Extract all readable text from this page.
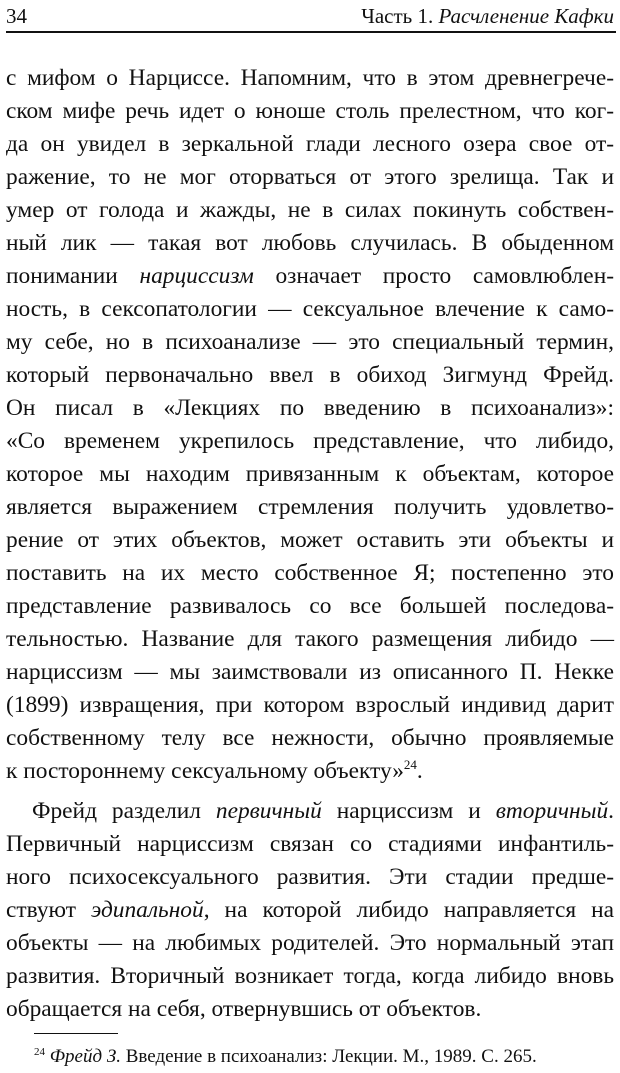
34	Часть 1. Расчленение Кафки
с мифом о Нарциссе. Напомним, что в этом древнегрече-
ском мифе речь идет о юноше столь прелестном, что ког-
да он увидел в зеркальной глади лесного озера свое от-
ражение, то не мог оторваться от этого зрелища. Так и
умер от голода и жажды, не в силах покинуть собствен-
ный лик — такая вот любовь случилась. В обыденном
понимании нарциссизм означает просто самовлюблен-
ность, в сексопатологии — сексуальное влечение к само-
му себе, но в психоанализе — это специальный термин,
который первоначально ввел в обиход Зигмунд Фрейд.
Он писал в «Лекциях по введению в психоанализ»:
«Со временем укрепилось представление, что либидо,
которое мы находим привязанным к объектам, которое
является выражением стремления получить удовлетво-
рение от этих объектов, может оставить эти объекты и
поставить на их место собственное Я; постепенно это
представление развивалось со все большей последова-
тельностью. Название для такого размещения либидо —
нарциссизм — мы заимствовали из описанного П. Некке
(1899) извращения, при котором взрослый индивид дарит
собственному телу все нежности, обычно проявляемые
к постороннему сексуальному объекту»$^{24}$.
Фрейд разделил первичный нарциссизм и вторичный.
Первичный нарциссизм связан со стадиями инфантиль-
ного психосексуального развития. Эти стадии предше-
ствуют эдипальной, на которой либидо направляется на
объекты — на любимых родителей. Это нормальный этап
развития. Вторичный возникает тогда, когда либидо вновь
обращается на себя, отвернувшись от объектов.
$^{24}$ Фрейд З. Введение в психоанализ: Лекции. М., 1989. С. 265.
